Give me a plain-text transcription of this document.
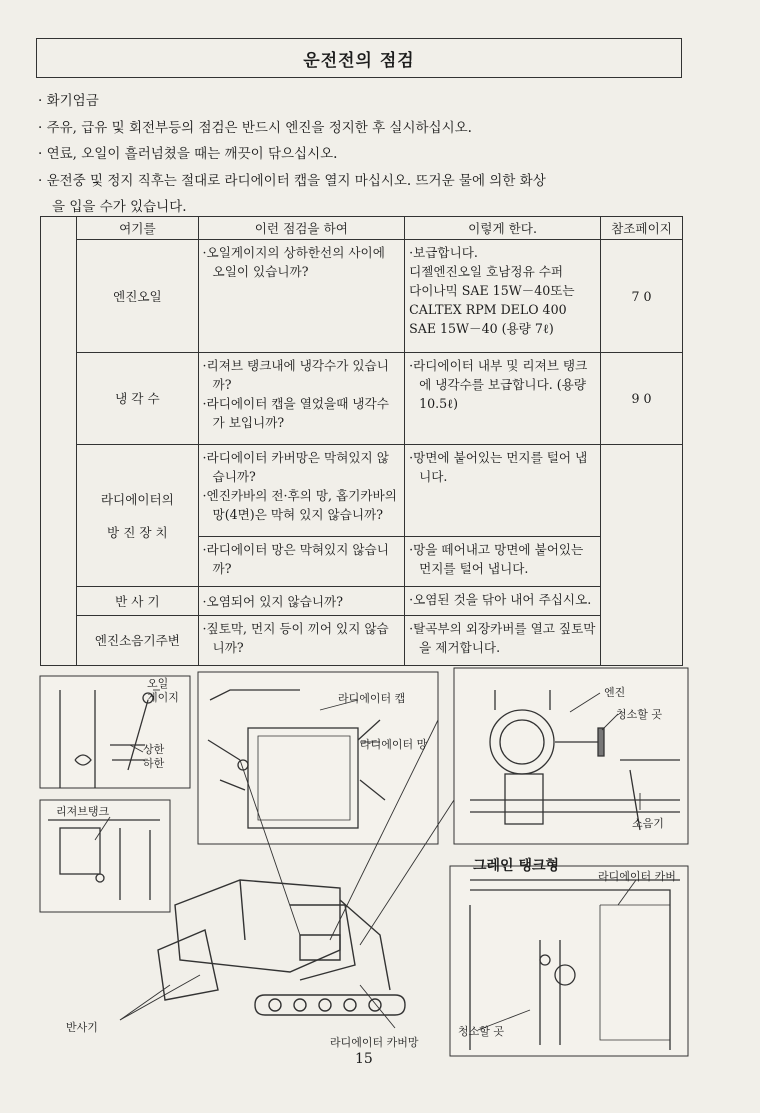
운전전의 점검

· 화기엄금

· 주유, 급유 및 회전부등의 점검은 반드시 엔진을 정지한 후 실시하십시오.

· 연료, 오일이 흘러넘쳤을 때는 깨끗이 닦으십시오.

· 운전중 및 정지 직후는 절대로 라디에이터 캡을 열지 마십시오. 뜨거운 물에 의한 화상

을 입을 수가 있습니다.

	여기를	이런 점검을 하여	이렇게 한다.	참조페이지
	엔진오일	·오일게이지의 상하한선의 사이에 오일이 있습니까?	·보급합니다.
디젤엔진오일 호남정유 수퍼
다이나믹 SAE 15W－40또는
CALTEX RPM DELO 400
SAE 15W－40 (용량 7ℓ)	7 0
	냉 각 수	·리져브 탱크내에 냉각수가 있습니까?
·라디에이터 캡을 열었을때 냉각수가 보입니까?	·라디에이터 내부 및 리져브 탱크에 냉각수를 보급합니다. (용량10.5ℓ)	9 0

	라디에이터의
방 진 장 치	·라디에이터 카버망은 막혀있지 않습니까?
·엔진카바의 전·후의 망, 홉기카바의 망(4면)은 막혀 있지 않습니까?	·망면에 붙어있는 먼지를 털어 냅니다.	

		·라디에이터 망은 막혀있지 않습니까?	·망을 떼어내고 망면에 붙어있는 먼지를 털어 냅니다.	

	반 사 기	·오염되어 있지 않습니까?	·오염된 것을 닦아 내어 주십시오.	

	엔진소음기주변	·짚토막, 먼지 등이 끼어 있지 않습니까?	·탈곡부의 외장카버를 열고 짚토막을 제거합니다.	
오일
게이지
상한
하한
라디에이터 캡
라디에이터 망
리져브탱크
반사기
라디에이터 카버망
엔진
청소할 곳
소음기
그레인 탱크형
라디에이터 카버
청소할 곳
15
